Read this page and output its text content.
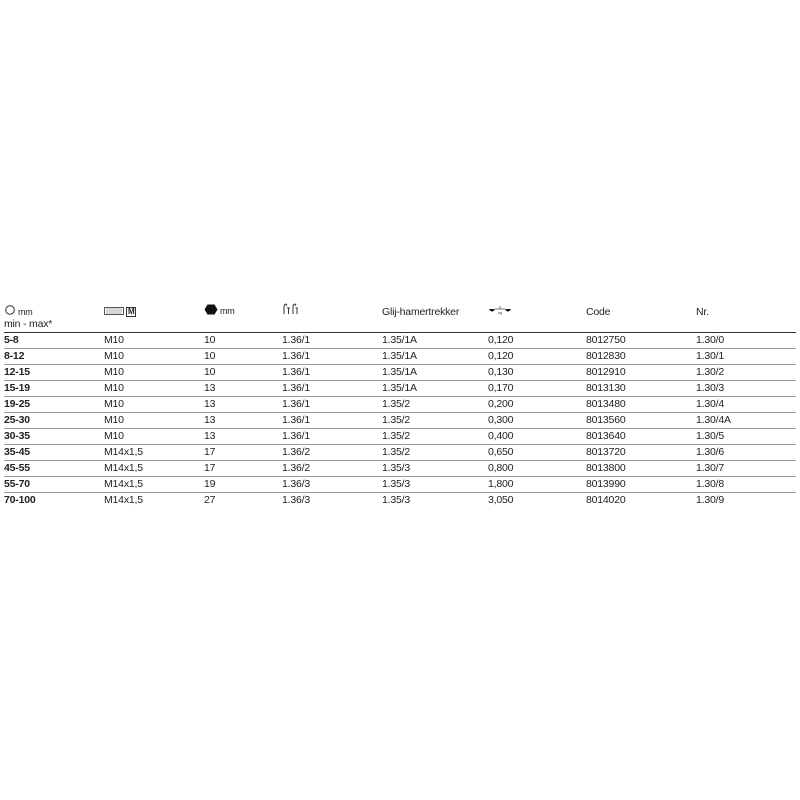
mm	M	mm		Glij-hamertrekker	kg	Code	Nr.
min - max*							
5-8	M10	10	1.36/1	1.35/1A	0,120	8012750	1.30/0
8-12	M10	10	1.36/1	1.35/1A	0,120	8012830	1.30/1
12-15	M10	10	1.36/1	1.35/1A	0,130	8012910	1.30/2
15-19	M10	13	1.36/1	1.35/1A	0,170	8013130	1.30/3
19-25	M10	13	1.36/1	1.35/2	0,200	8013480	1.30/4
25-30	M10	13	1.36/1	1.35/2	0,300	8013560	1.30/4A
30-35	M10	13	1.36/1	1.35/2	0,400	8013640	1.30/5
35-45	M14x1,5	17	1.36/2	1.35/2	0,650	8013720	1.30/6
45-55	M14x1,5	17	1.36/2	1.35/3	0,800	8013800	1.30/7
55-70	M14x1,5	19	1.36/3	1.35/3	1,800	8013990	1.30/8
70-100	M14x1,5	27	1.36/3	1.35/3	3,050	8014020	1.30/9
